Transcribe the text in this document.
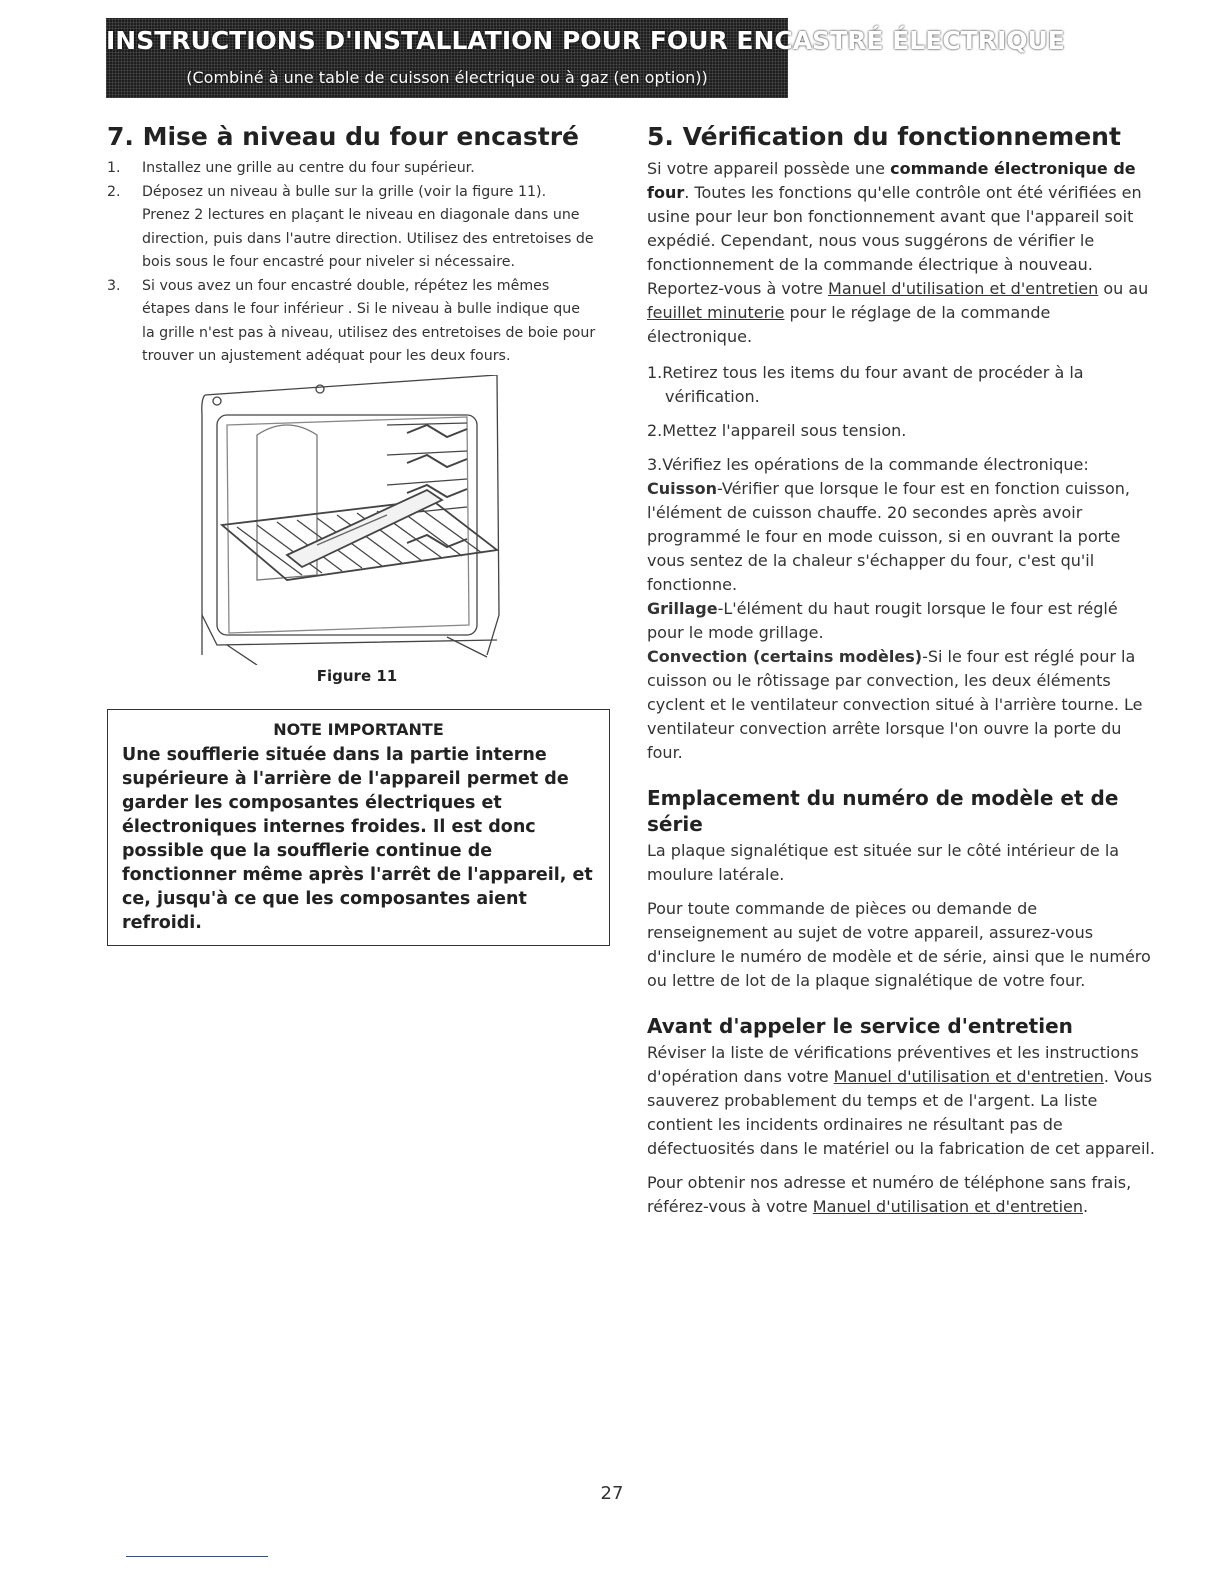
INSTRUCTIONS D'INSTALLATION POUR FOUR ENCASTRÉ ÉLECTRIQUE
(Combiné à une table de cuisson électrique ou à gaz (en option))
7. Mise à niveau du four encastré
1. Installez une grille au centre du four supérieur.
2. Déposez un niveau à bulle sur la grille (voir la figure 11). Prenez 2 lectures en plaçant le niveau en diagonale dans une direction, puis dans l'autre direction. Utilisez des entretoises de bois sous le four encastré pour niveler si nécessaire.
3. Si vous avez un four encastré double, répétez les mêmes étapes dans le four inférieur . Si le niveau à bulle indique que la grille n'est pas à niveau, utilisez des entretoises de boie pour trouver un ajustement adéquat pour les deux fours.
Figure 11
NOTE IMPORTANTE
Une soufflerie située dans la partie interne supérieure à l'arrière de l'appareil permet de garder les composantes électriques et électroniques internes froides. Il est donc possible que la soufflerie continue de fonctionner même après l'arrêt de l'appareil, et ce, jusqu'à ce que les composantes aient refroidi.
5. Vérification du fonctionnement

Si votre appareil possède une commande électronique de four. Toutes les fonctions qu'elle contrôle ont été vérifiées en usine pour leur bon fonctionnement avant que l'appareil soit expédié. Cependant, nous vous suggérons de vérifier le fonctionnement de la commande électrique à nouveau. Reportez-vous à votre Manuel d'utilisation et d'entretien ou au feuillet minuterie pour le réglage de la commande électronique.

1.Retirez tous les items du four avant de procéder à la vérification.
2.Mettez l'appareil sous tension.
3.Vérifiez les opérations de la commande électronique:
Cuisson-Vérifier que lorsque le four est en fonction cuisson, l'élément de cuisson chauffe. 20 secondes après avoir programmé le four en mode cuisson, si en ouvrant la porte vous sentez de la chaleur s'échapper du four, c'est qu'il fonctionne.
Grillage-L'élément du haut rougit lorsque le four est réglé pour le mode grillage.
Convection (certains modèles)-Si le four est réglé pour la cuisson ou le rôtissage par convection, les deux éléments cyclent et le ventilateur convection situé à l'arrière tourne. Le ventilateur convection arrête lorsque l'on ouvre la porte du four.
Emplacement du numéro de modèle et de série

La plaque signalétique est située sur le côté intérieur de la moulure latérale.

Pour toute commande de pièces ou demande de renseignement au sujet de votre appareil, assurez-vous d'inclure le numéro de modèle et de série, ainsi que le numéro ou lettre de lot de la plaque signalétique de votre four.

Avant d'appeler le service d'entretien

Réviser la liste de vérifications préventives et les instructions d'opération dans votre Manuel d'utilisation et d'entretien. Vous sauverez probablement du temps et de l'argent. La liste contient les incidents ordinaires ne résultant pas de défectuosités dans le matériel ou la fabrication de cet appareil.

Pour obtenir nos adresse et numéro de téléphone sans frais, référez-vous à votre Manuel d'utilisation et d'entretien.

27
